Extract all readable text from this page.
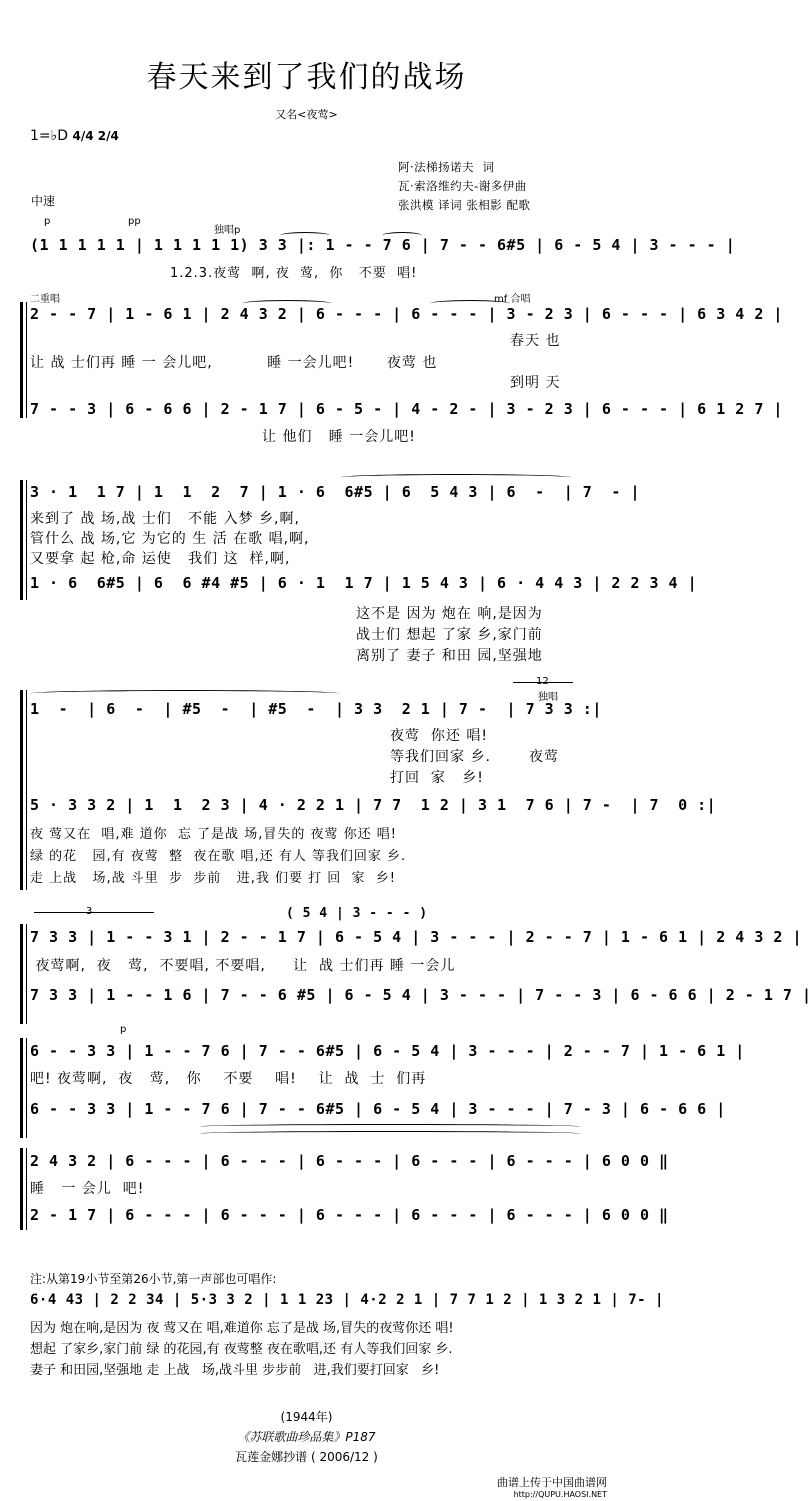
春天来到了我们的战场
又名<夜莺>
1=♭D 4/4 2/4
阿·法梯扬诺夫  词
瓦·索洛维约夫-谢多伊曲
张洪模 译词 张相影 配歌
中速
p	pp
独唱p
(1 1 1 1 1 | 1 1 1 1 1) 3 3 |: 1 - - 7 6 | 7 - - 6#5 | 6 - 5 4 | 3 - - - |
1.2.3.夜莺  啊, 夜  莺,  你   不要  唱!
二重唱	mf 合唱
2 - - 7 | 1 - 6 1 | 2 4 3 2 | 6 - - - | 6 - - - | 3 - 2 3 | 6 - - - | 6 3 4 2 |
春天 也
让 战 士们再 睡 一 会儿吧,          睡 一会儿吧!      夜莺 也
到明 天
7 - - 3 | 6 - 6 6 | 2 - 1 7 | 6 - 5 - | 4 - 2 - | 3 - 2 3 | 6 - - - | 6 1 2 7 |
让 他们   睡 一会儿吧!
3 · 1  1 7 | 1  1  2  7 | 1 · 6  6#5 | 6  5 4 3 | 6  -  | 7  - |
来到了 战 场,战 士们   不能 入梦 乡,啊,
管什么 战 场,它 为它的 生 活 在歌 唱,啊,
又要拿 起 枪,命 运使   我们 这  样,啊,
1 · 6  6#5 | 6  6 #4 #5 | 6 · 1  1 7 | 1 5 4 3 | 6 · 4 4 3 | 2 2 3 4 |
这不是 因为 炮在 响,是因为
战士们 想起 了家 乡,家门前
离别了 妻子 和田 园,坚强地
12
独唱
1  -  | 6  -  | #5  -  | #5  -  | 3 3  2 1 | 7 -  | 7 3 3 :|
夜莺  你还 唱!
等我们回家 乡.       夜莺
打回  家   乡!
5 · 3 3 2 | 1  1  2 3 | 4 · 2 2 1 | 7 7  1 2 | 3 1  7 6 | 7 -  | 7  0 :|
夜 莺又在  唱,难 道你  忘 了是战 场,冒失的 夜莺 你还 唱!
绿 的花   园,有 夜莺  整  夜在歌 唱,还 有人 等我们回家 乡.
走 上战   场,战 斗里  步  步前   进,我 们要 打 回  家  乡!
3	( 5 4 | 3 - - - )
7 3 3 | 1 - - 3 1 | 2 - - 1 7 | 6 - 5 4 | 3 - - - | 2 - - 7 | 1 - 6 1 | 2 4 3 2 |
夜莺啊,  夜   莺,  不要唱, 不要唱,     让  战 士们再 睡 一会儿
7 3 3 | 1 - - 1 6 | 7 - - 6 #5 | 6 - 5 4 | 3 - - - | 7 - - 3 | 6 - 6 6 | 2 - 1 7 |
p
6 - - 3 3 | 1 - - 7 6 | 7 - - 6#5 | 6 - 5 4 | 3 - - - | 2 - - 7 | 1 - 6 1 |
吧! 夜莺啊,  夜   莺,   你    不要    唱!    让  战  士  们再
6 - - 3 3 | 1 - - 7 6 | 7 - - 6#5 | 6 - 5 4 | 3 - - - | 7 - 3 | 6 - 6 6 |
2 4 3 2 | 6 - - - | 6 - - - | 6 - - - | 6 - - - | 6 - - - | 6 0 0 ‖
睡   一 会儿  吧!
2 - 1 7 | 6 - - - | 6 - - - | 6 - - - | 6 - - - | 6 - - - | 6 0 0 ‖
注:从第19小节至第26小节,第一声部也可唱作:
6·4 43 | 2 2 34 | 5·3 3 2 | 1 1 23 | 4·2 2 1 | 7 7 1 2 | 1 3 2 1 | 7- |
因为 炮在响,是因为 夜 莺又在 唱,难道你 忘了是战 场,冒失的夜莺你还 唱!
想起 了家乡,家门前 绿 的花园,有 夜莺整 夜在歌唱,还 有人等我们回家 乡.
妻子 和田园,坚强地 走 上战   场,战斗里 步步前   进,我们要打回家   乡!
(1944年)
《苏联歌曲珍品集》P187
瓦莲金娜抄谱 ( 2006/12 )
曲谱上传于中国曲谱网
http://QUPU.HAOSI.NET
